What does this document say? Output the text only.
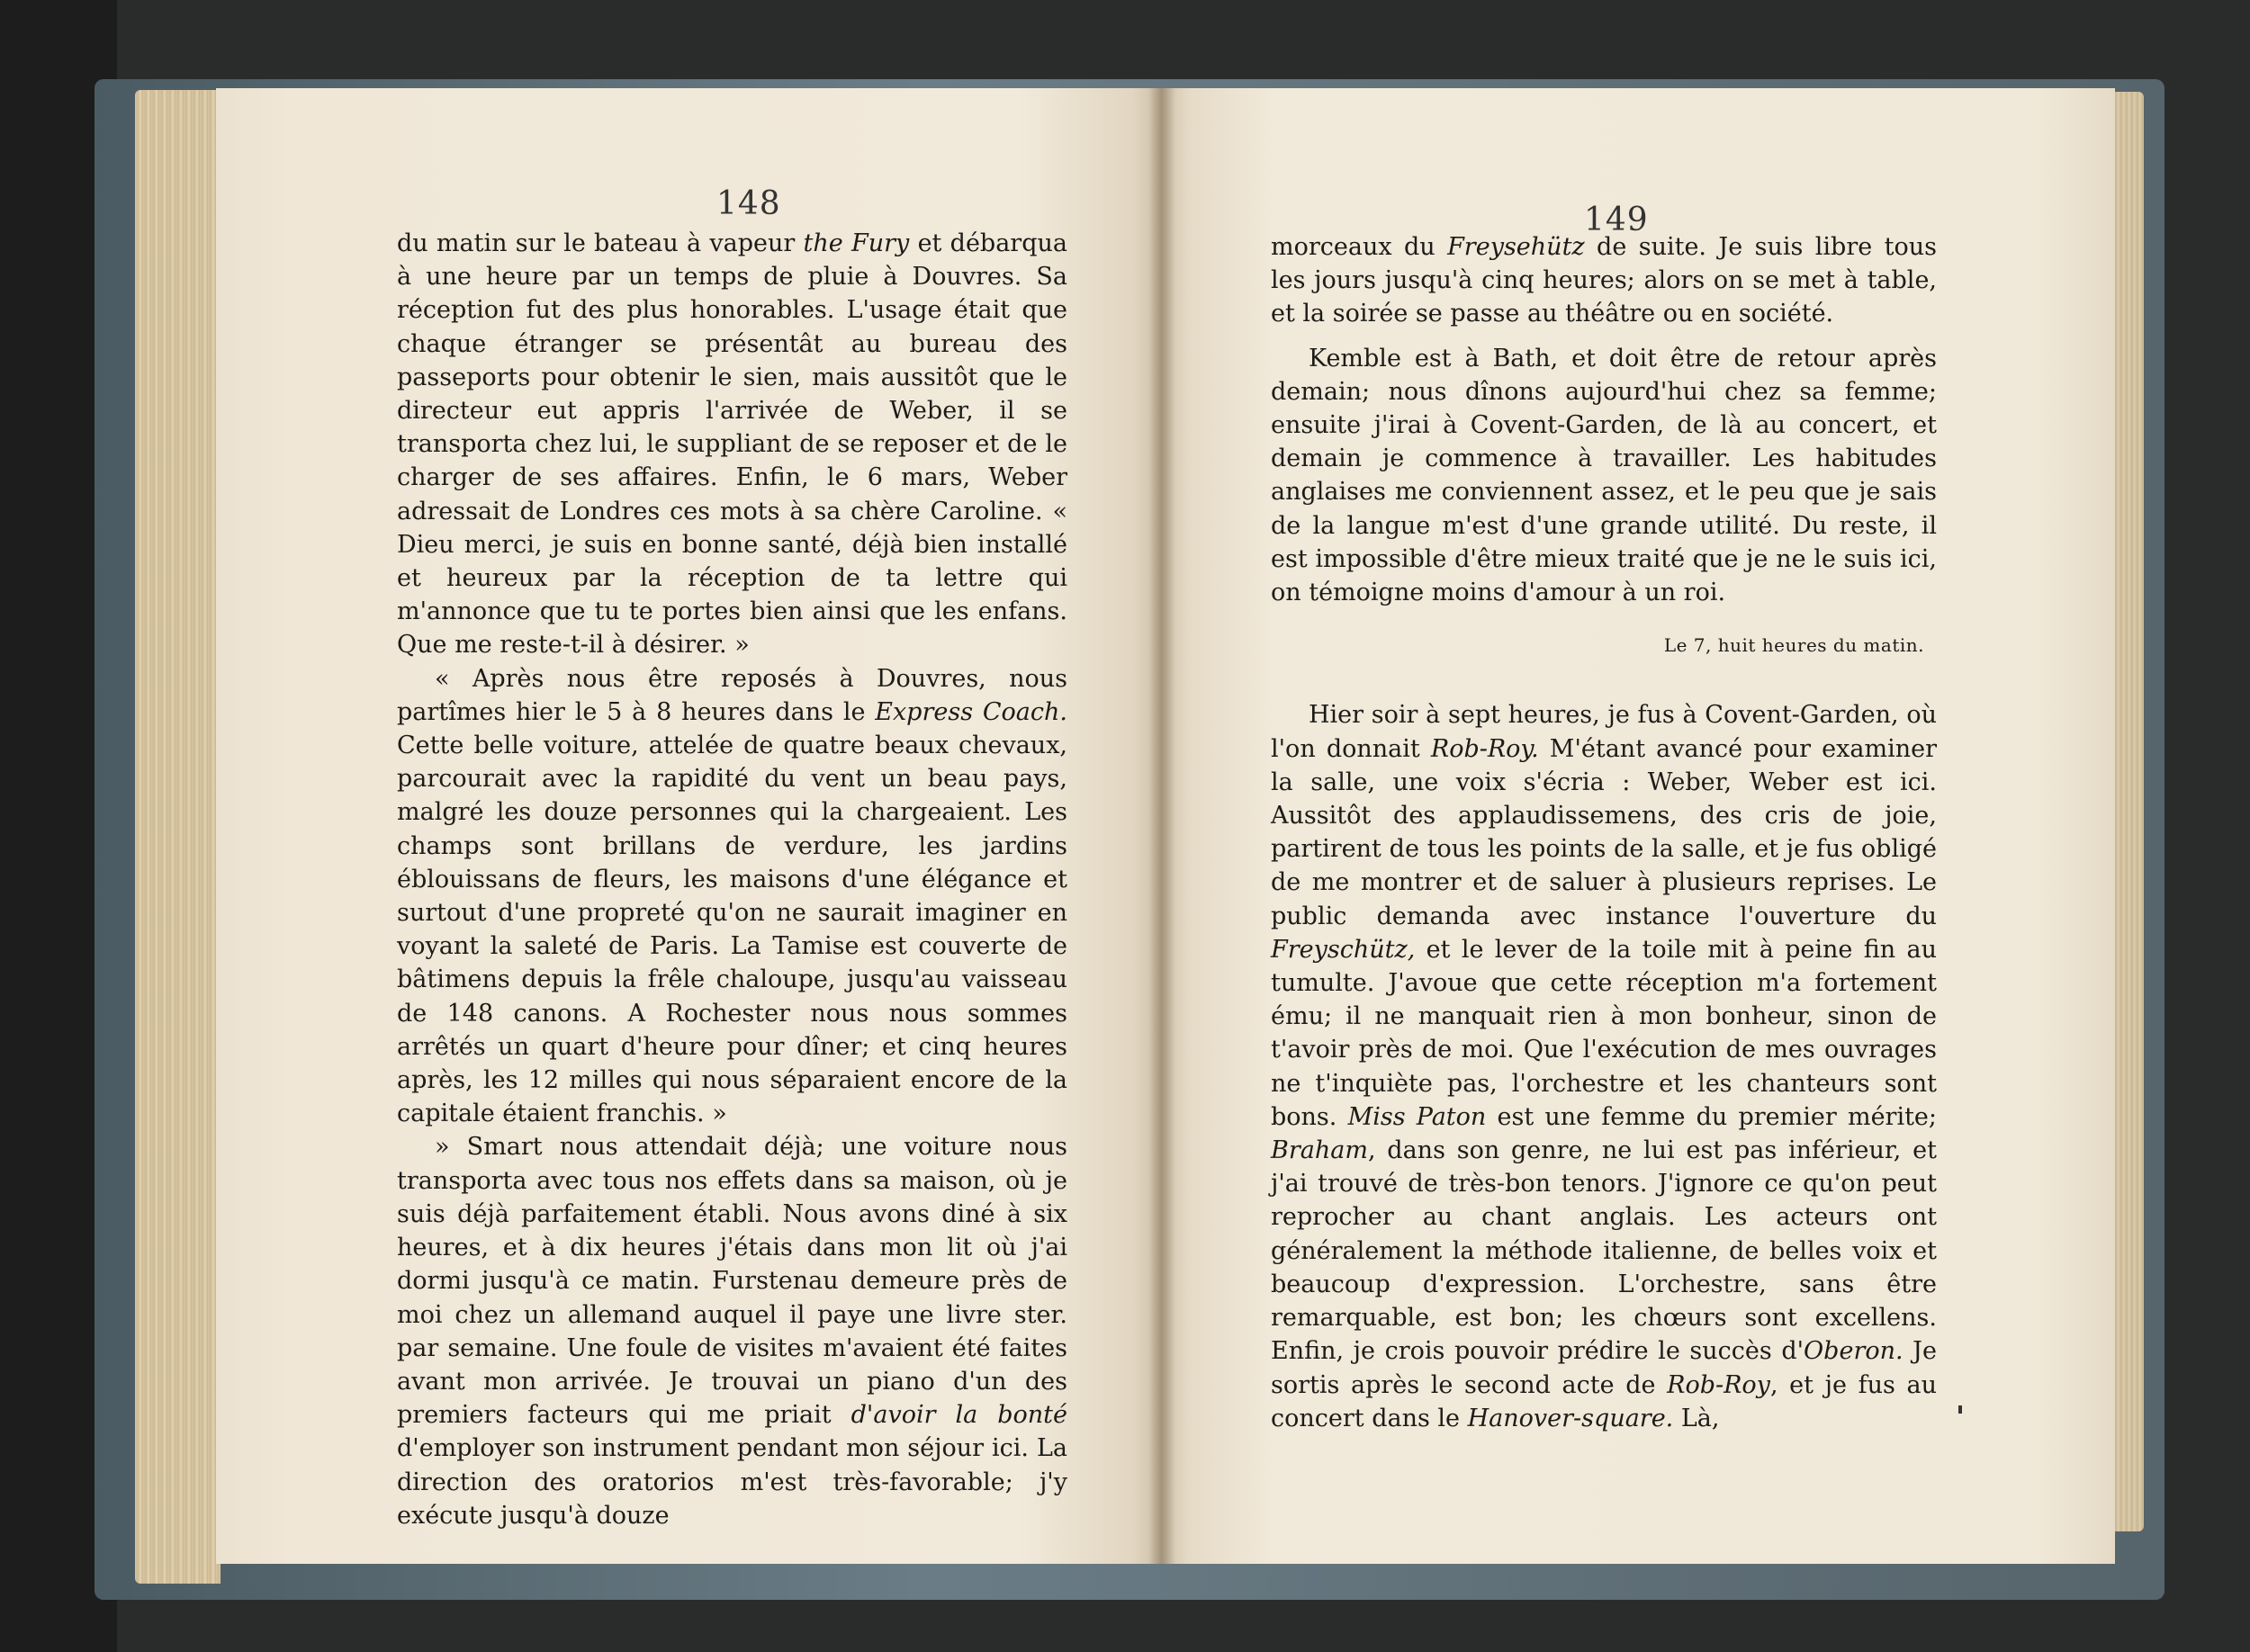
148	149

du matin sur le bateau à vapeur the Fury et débarqua à une heure par un temps de pluie à Douvres. Sa réception fut des plus honorables. L'usage était que chaque étranger se présentât au bureau des passeports pour obtenir le sien, mais aussitôt que le directeur eut appris l'arrivée de Weber, il se transporta chez lui, le suppliant de se reposer et de le charger de ses affaires. Enfin, le 6 mars, Weber adressait de Londres ces mots à sa chère Caroline. « Dieu merci, je suis en bonne santé, déjà bien installé et heureux par la réception de ta lettre qui m'annonce que tu te portes bien ainsi que les enfans. Que me reste-t-il à désirer. »

« Après nous être reposés à Douvres, nous partîmes hier le 5 à 8 heures dans le Express Coach. Cette belle voiture, attelée de quatre beaux chevaux, parcourait avec la rapidité du vent un beau pays, malgré les douze personnes qui la chargeaient. Les champs sont brillans de verdure, les jardins éblouissans de fleurs, les maisons d'une élégance et surtout d'une propreté qu'on ne saurait imaginer en voyant la saleté de Paris. La Tamise est couverte de bâtimens depuis la frêle chaloupe, jusqu'au vaisseau de 148 canons. A Rochester nous nous sommes arrêtés un quart d'heure pour dîner; et cinq heures après, les 12 milles qui nous séparaient encore de la capitale étaient franchis. »

» Smart nous attendait déjà; une voiture nous transporta avec tous nos effets dans sa maison, où je suis déjà parfaitement établi. Nous avons diné à six heures, et à dix heures j'étais dans mon lit où j'ai dormi jusqu'à ce matin. Furstenau demeure près de moi chez un allemand auquel il paye une livre ster. par semaine. Une foule de visites m'avaient été faites avant mon arrivée. Je trouvai un piano d'un des premiers facteurs qui me priait d'avoir la bonté d'employer son instrument pendant mon séjour ici. La direction des oratorios m'est très-favorable; j'y exécute jusqu'à douze

morceaux du Freysehütz de suite. Je suis libre tous les jours jusqu'à cinq heures; alors on se met à table, et la soirée se passe au théâtre ou en société.

Kemble est à Bath, et doit être de retour après demain; nous dînons aujourd'hui chez sa femme; ensuite j'irai à Covent-Garden, de là au concert, et demain je commence à travailler. Les habitudes anglaises me conviennent assez, et le peu que je sais de la langue m'est d'une grande utilité. Du reste, il est impossible d'être mieux traité que je ne le suis ici, on témoigne moins d'amour à un roi.

Le 7, huit heures du matin.

Hier soir à sept heures, je fus à Covent-Garden, où l'on donnait Rob-Roy. M'étant avancé pour examiner la salle, une voix s'écria : Weber, Weber est ici. Aussitôt des applaudissemens, des cris de joie, partirent de tous les points de la salle, et je fus obligé de me montrer et de saluer à plusieurs reprises. Le public demanda avec instance l'ouverture du Freyschütz, et le lever de la toile mit à peine fin au tumulte. J'avoue que cette réception m'a fortement ému; il ne manquait rien à mon bonheur, sinon de t'avoir près de moi. Que l'exécution de mes ouvrages ne t'inquiète pas, l'orchestre et les chanteurs sont bons. Miss Paton est une femme du premier mérite; Braham, dans son genre, ne lui est pas inférieur, et j'ai trouvé de très-bon tenors. J'ignore ce qu'on peut reprocher au chant anglais. Les acteurs ont généralement la méthode italienne, de belles voix et beaucoup d'expression. L'orchestre, sans être remarquable, est bon; les chœurs sont excellens. Enfin, je crois pouvoir prédire le succès d'Oberon. Je sortis après le second acte de Rob-Roy, et je fus au concert dans le Hanover-square. Là,
